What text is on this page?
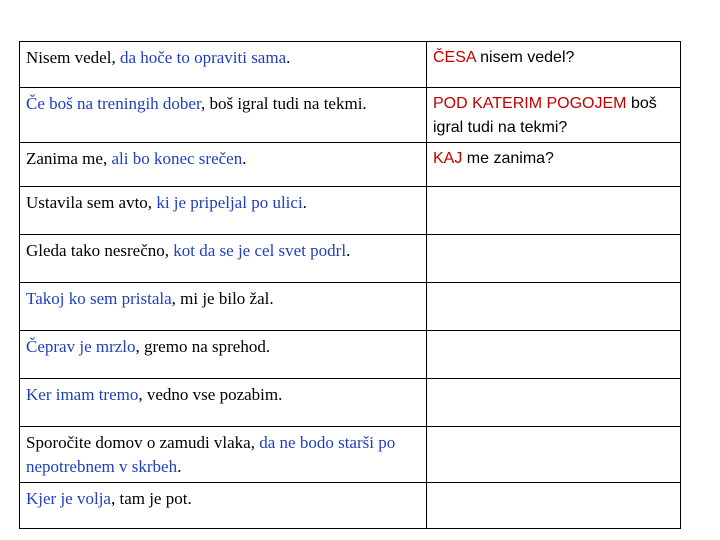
Nisem vedel, da hoče to opraviti sama.	ČESA nisem vedel?
Če boš na treningih dober, boš igral tudi na tekmi.	POD KATERIM POGOJEM boš igral tudi na tekmi?
Zanima me, ali bo konec srečen.	KAJ me zanima?
Ustavila sem avto, ki je pripeljal po ulici.	
Gleda tako nesrečno, kot da se je cel svet podrl.	
Takoj ko sem pristala, mi je bilo žal.	
Čeprav je mrzlo, gremo na sprehod.	
Ker imam tremo, vedno vse pozabim.	
Sporočite domov o zamudi vlaka, da ne bodo starši po nepotrebnem v skrbeh.	
Kjer je volja, tam je pot.	
